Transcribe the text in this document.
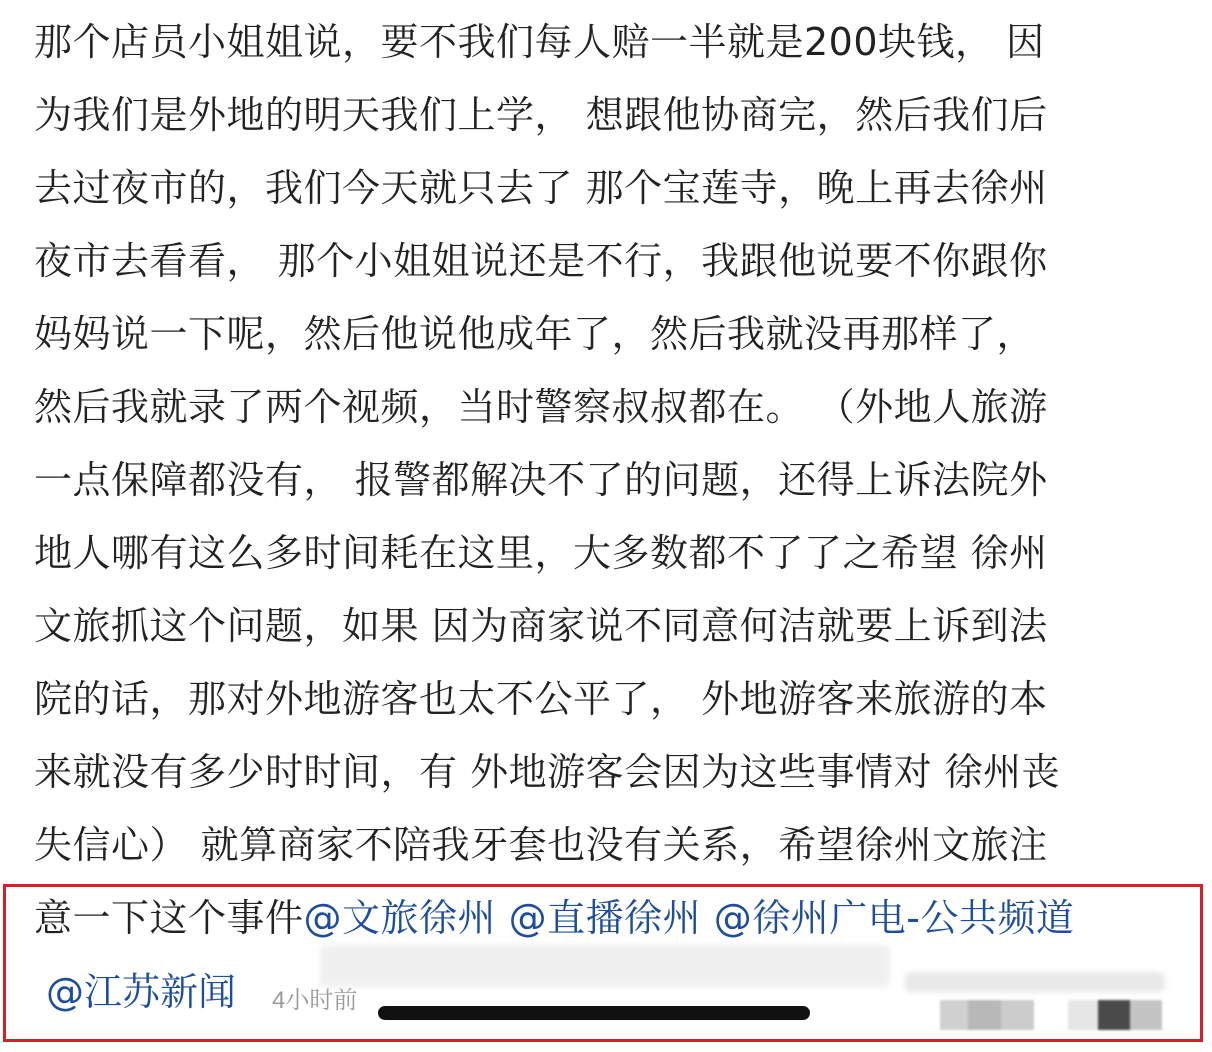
那个店员小姐姐说，要不我们每人赔一半就是200块钱， 因
为我们是外地的明天我们上学， 想跟他协商完，然后我们后
去过夜市的，我们今天就只去了 那个宝莲寺，晚上再去徐州
夜市去看看， 那个小姐姐说还是不行，我跟他说要不你跟你
妈妈说一下呢，然后他说他成年了，然后我就没再那样了，
然后我就录了两个视频，当时警察叔叔都在。 （外地人旅游
一点保障都没有， 报警都解决不了的问题，还得上诉法院外
地人哪有这么多时间耗在这里，大多数都不了了之希望 徐州
文旅抓这个问题，如果 因为商家说不同意何洁就要上诉到法
院的话，那对外地游客也太不公平了， 外地游客来旅游的本
来就没有多少时时间，有 外地游客会因为这些事情对 徐州丧
失信心） 就算商家不陪我牙套也没有关系，希望徐州文旅注
意一下这个事件@文旅徐州 @直播徐州 @徐州广电-公共频道
@江苏新闻 4小时前
